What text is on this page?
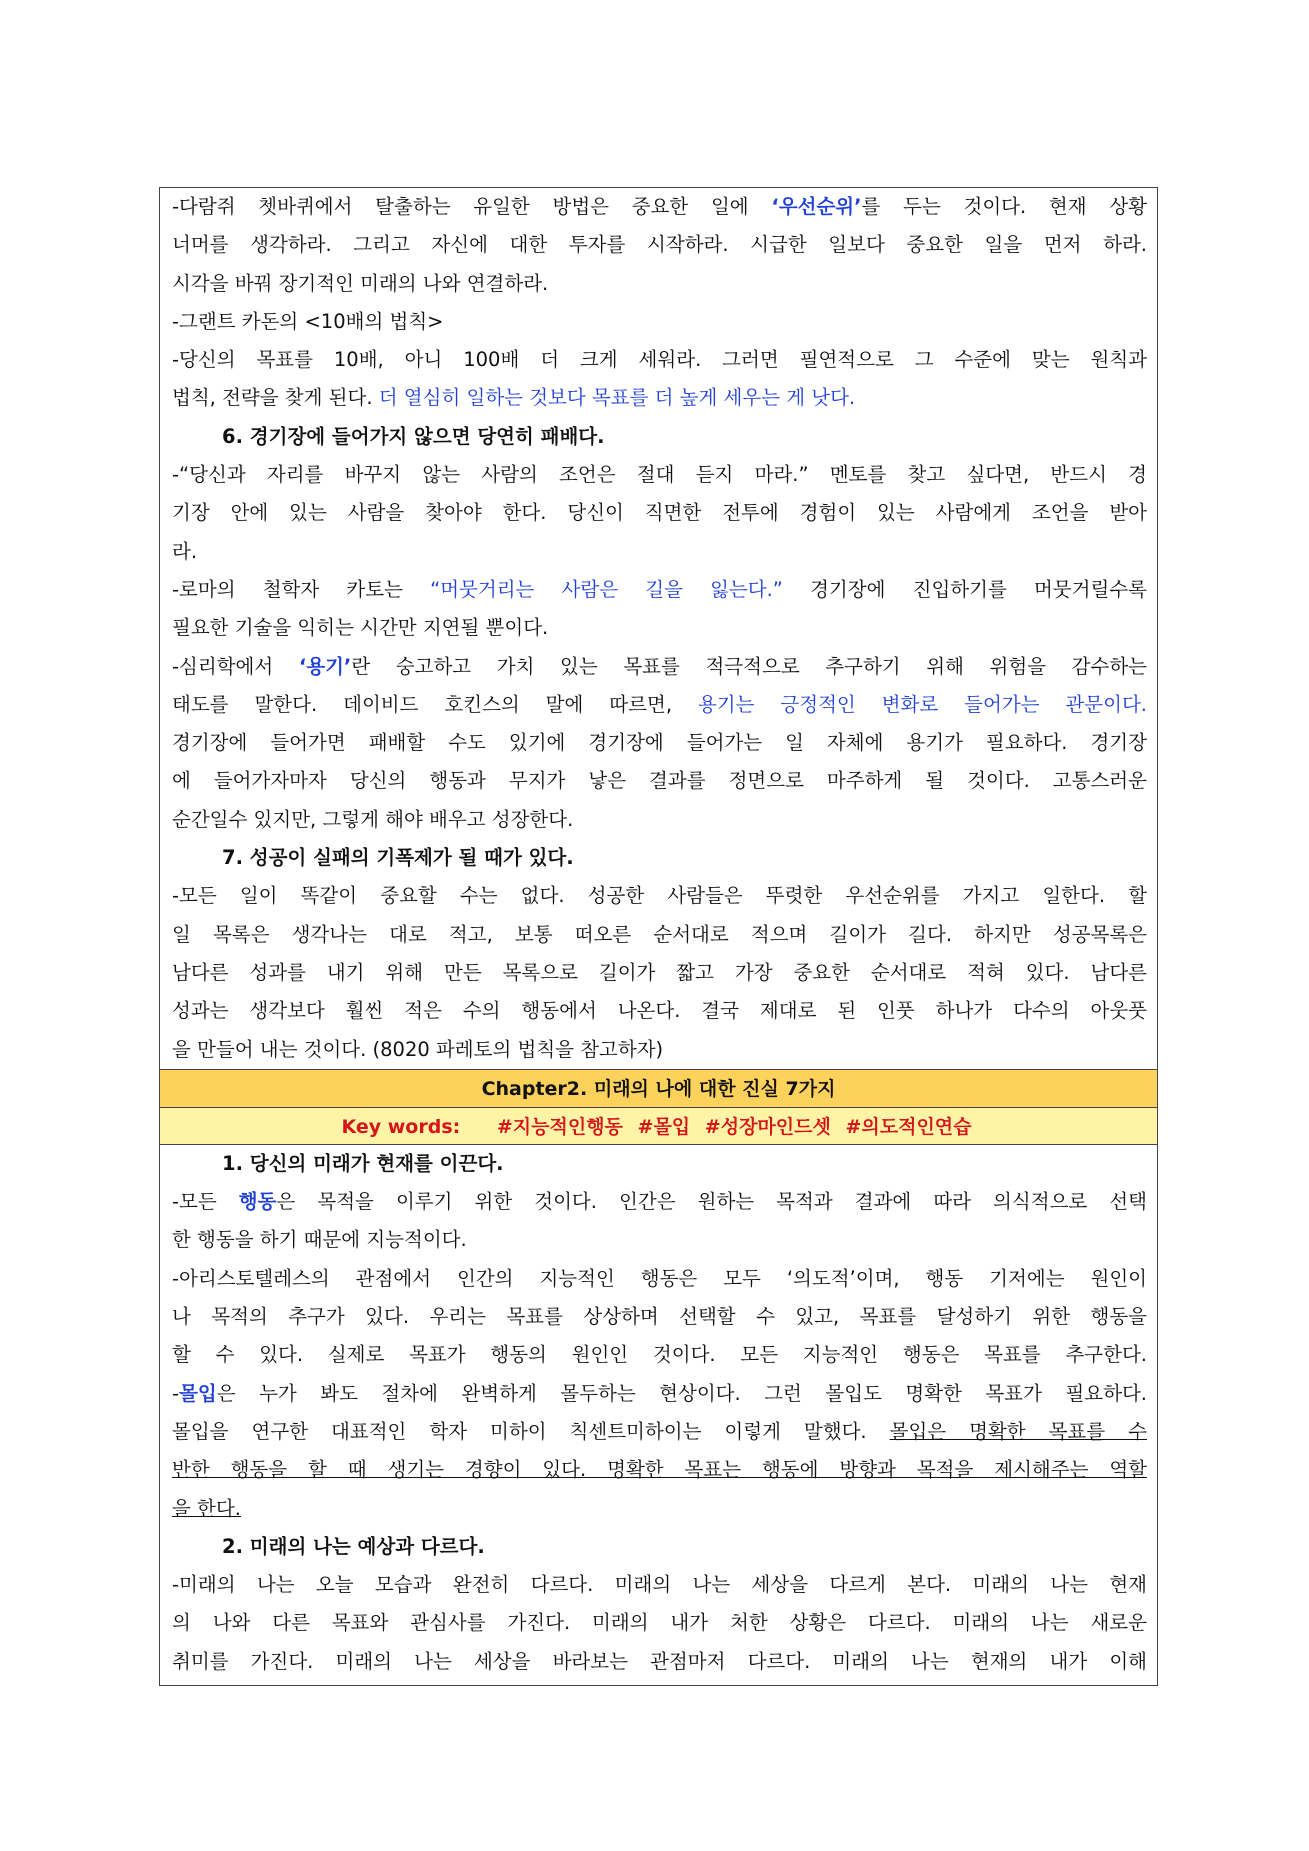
-다람쥐 쳇바퀴에서 탈출하는 유일한 방법은 중요한 일에 ‘우선순위’를 두는 것이다. 현재 상황
너머를 생각하라. 그리고 자신에 대한 투자를 시작하라. 시급한 일보다 중요한 일을 먼저 하라.
시각을 바꿔 장기적인 미래의 나와 연결하라.
-그랜트 카돈의 <10배의 법칙>
-당신의 목표를 10배, 아니 100배 더 크게 세워라. 그러면 필연적으로 그 수준에 맞는 원칙과
법칙, 전략을 찾게 된다. 더 열심히 일하는 것보다 목표를 더 높게 세우는 게 낫다.
6. 경기장에 들어가지 않으면 당연히 패배다.
-“당신과 자리를 바꾸지 않는 사람의 조언은 절대 듣지 마라.” 멘토를 찾고 싶다면, 반드시 경
기장 안에 있는 사람을 찾아야 한다. 당신이 직면한 전투에 경험이 있는 사람에게 조언을 받아
라.
-로마의 철학자 카토는 “머뭇거리는 사람은 길을 잃는다.” 경기장에 진입하기를 머뭇거릴수록
필요한 기술을 익히는 시간만 지연될 뿐이다.
-심리학에서 ‘용기’란 숭고하고 가치 있는 목표를 적극적으로 추구하기 위해 위험을 감수하는
태도를 말한다. 데이비드 호킨스의 말에 따르면, 용기는 긍정적인 변화로 들어가는 관문이다.
경기장에 들어가면 패배할 수도 있기에 경기장에 들어가는 일 자체에 용기가 필요하다. 경기장
에 들어가자마자 당신의 행동과 무지가 낳은 결과를 정면으로 마주하게 될 것이다. 고통스러운
순간일수 있지만, 그렇게 해야 배우고 성장한다.
7. 성공이 실패의 기폭제가 될 때가 있다.
-모든 일이 똑같이 중요할 수는 없다. 성공한 사람들은 뚜렷한 우선순위를 가지고 일한다. 할
일 목록은 생각나는 대로 적고, 보통 떠오른 순서대로 적으며 길이가 길다. 하지만 성공목록은
남다른 성과를 내기 위해 만든 목록으로 길이가 짧고 가장 중요한 순서대로 적혀 있다. 남다른
성과는 생각보다 훨씬 적은 수의 행동에서 나온다. 결국 제대로 된 인풋 하나가 다수의 아웃풋
을 만들어 내는 것이다. (8020 파레토의 법칙을 참고하자)
Chapter2. 미래의 나에 대한 진실 7가지
Key words: #지능적인행동 #몰입 #성장마인드셋 #의도적인연습
1. 당신의 미래가 현재를 이끈다.
-모든 행동은 목적을 이루기 위한 것이다. 인간은 원하는 목적과 결과에 따라 의식적으로 선택
한 행동을 하기 때문에 지능적이다.
-아리스토텔레스의 관점에서 인간의 지능적인 행동은 모두 ‘의도적’이며, 행동 기저에는 원인이
나 목적의 추구가 있다. 우리는 목표를 상상하며 선택할 수 있고, 목표를 달성하기 위한 행동을
할 수 있다. 실제로 목표가 행동의 원인인 것이다. 모든 지능적인 행동은 목표를 추구한다.
-몰입은 누가 봐도 절차에 완벽하게 몰두하는 현상이다. 그런 몰입도 명확한 목표가 필요하다.
몰입을 연구한 대표적인 학자 미하이 칙센트미하이는 이렇게 말했다. 몰입은 명확한 목표를 수
반한 행동을 할 때 생기는 경향이 있다. 명확한 목표는 행동에 방향과 목적을 제시해주는 역할
을 한다.
2. 미래의 나는 예상과 다르다.
-미래의 나는 오늘 모습과 완전히 다르다. 미래의 나는 세상을 다르게 본다. 미래의 나는 현재
의 나와 다른 목표와 관심사를 가진다. 미래의 내가 처한 상황은 다르다. 미래의 나는 새로운
취미를 가진다. 미래의 나는 세상을 바라보는 관점마저 다르다. 미래의 나는 현재의 내가 이해
